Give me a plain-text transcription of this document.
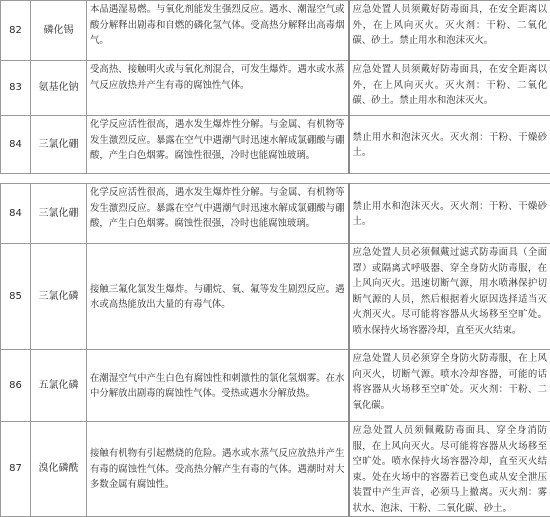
82	磷化锡	本品遇湿易燃。与氧化剂能发生强烈反应。遇水、潮湿空气或酸分解释出剧毒和自燃的磷化氢气体。受高热分解释出高毒烟气。	应急处置人员须戴好防毒面具，在安全距离以外，在上风向灭火。灭火剂：干粉、二氧化碳、砂土。禁止用水和泡沫灭火。

83	氨基化钠	受高热、接触明火或与氧化剂混合，可发生爆炸。遇水或水蒸气反应放热并产生有毒的腐蚀性气体。	应急处置人员须戴好防毒面具，在安全距离以外，在上风向灭火。灭火剂：干粉、二氧化碳、砂土。禁止用水和泡沫灭火。

84	三氯化硼	化学反应活性很高，遇水发生爆炸性分解。与金属、有机物等发生激烈反应。暴露在空气中遇潮气时迅速水解成氯硼酸与硼酸，产生白色烟雾。腐蚀性很强，冷时也能腐蚀玻璃。	禁止用水和泡沫灭火。灭火剂：干粉、干燥砂土。
84	三氯化硼	化学反应活性很高，遇水发生爆炸性分解。与金属、有机物等发生激烈反应。暴露在空气中遇潮气时迅速水解成氯硼酸与硼酸，产生白色烟雾。腐蚀性很强，冷时也能腐蚀玻璃。	禁止用水和泡沫灭火。灭火剂：干粉、干燥砂土。

85	三氯化磷	接触三氟化氯发生爆炸。与硼烷、氧、氟等发生剧烈反应。遇水或高热能放出大量的有毒气体。	应急处置人员必须佩戴过滤式防毒面具（全面罩）或隔离式呼吸器、穿全身防火防毒服，在上风向灭火。迅速切断气源，用水喷淋保护切断气源的人员，然后根据着火原因选择适当灭火剂灭火。尽可能将容器从火场移至空旷处。喷水保持火场容器冷却，直至灭火结束。

86	五氯化磷	在潮湿空气中产生白色有腐蚀性和刺激性的氯化氢烟雾。在水中分解放出剧毒的腐蚀性气体。受热或遇水分解放热。	应急处置人员必须穿全身防火防毒服，在上风向灭火，切断气源。喷水冷却容器，可能的话将容器从火场移至空旷处。灭火剂：干粉、二氧化碳。

87	溴化磷酰	接触有机物有引起燃烧的危险。遇水或水蒸气反应放热并产生有毒的腐蚀性气体。受高热分解产生有毒的气体。遇潮时对大多数金属有腐蚀性。	应急处置人员须佩戴防毒面具、穿全身消防服，在上风向灭火。尽可能将容器从火场移至空旷处。喷水保持火场容器冷却，直至灭火结束。处在火场中的容器若已变色或从安全泄压装置中产生声音，必须马上撤离。灭火剂：雾状水、泡沫、干粉、二氧化碳、砂土。
